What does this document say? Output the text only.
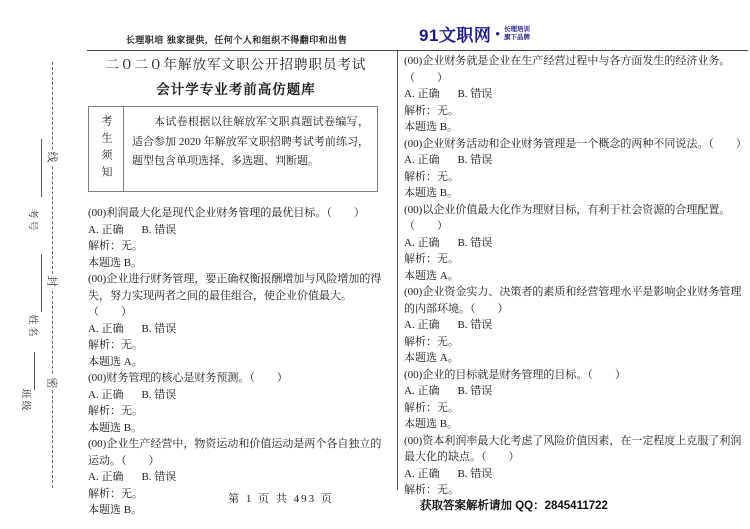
线
封
密
考号
姓名
班级
长理职培 独家提供，任何个人和组织不得翻印和出售	91文职网 • 长理培训
旗下品牌
二０二０年解放军文职公开招聘职员考试
会计学专业考前高仿题库
考生须知	本试卷根据以往解放军文职真题试卷编写，适合参加 2020 年解放军文职招聘考试考前练习，题型包含单项选择、多选题、判断题。
(00)利润最大化是现代企业财务管理的最优目标。（　　）
A. 正确 B. 错误
解析：无。
本题选 B。
(00)企业进行财务管理，要正确权衡报酬增加与风险增加的得失，努力实现两者之间的最佳组合，使企业价值最大。（　　）
A. 正确 B. 错误
解析：无。
本题选 A。
(00)财务管理的核心是财务预测。（　　）
A. 正确 B. 错误
解析：无。
本题选 B。
(00)企业生产经营中，物资运动和价值运动是两个各自独立的运动。（　　）
A. 正确 B. 错误
解析：无。
本题选 B。
(00)企业财务就是企业在生产经营过程中与各方面发生的经济业务。（　　）
A. 正确 B. 错误
解析：无。
本题选 B。
(00)企业财务活动和企业财务管理是一个概念的两种不同说法。（　　）
A. 正确 B. 错误
解析：无。
本题选 B。
(00)以企业价值最大化作为理财目标，有利于社会资源的合理配置。（　　）
A. 正确 B. 错误
解析：无。
本题选 A。
(00)企业资金实力、决策者的素质和经营管理水平是影响企业财务管理的内部环境。（　　）
A. 正确 B. 错误
解析：无。
本题选 A。
(00)企业的目标就是财务管理的目标。（　　）
A. 正确 B. 错误
解析：无。
本题选 B。
(00)资本利润率最大化考虑了风险价值因素，在一定程度上克服了利润最大化的缺点。（　　）
A. 正确 B. 错误
解析：无。
第 1 页 共 493 页
获取答案解析请加 QQ：2845411722
